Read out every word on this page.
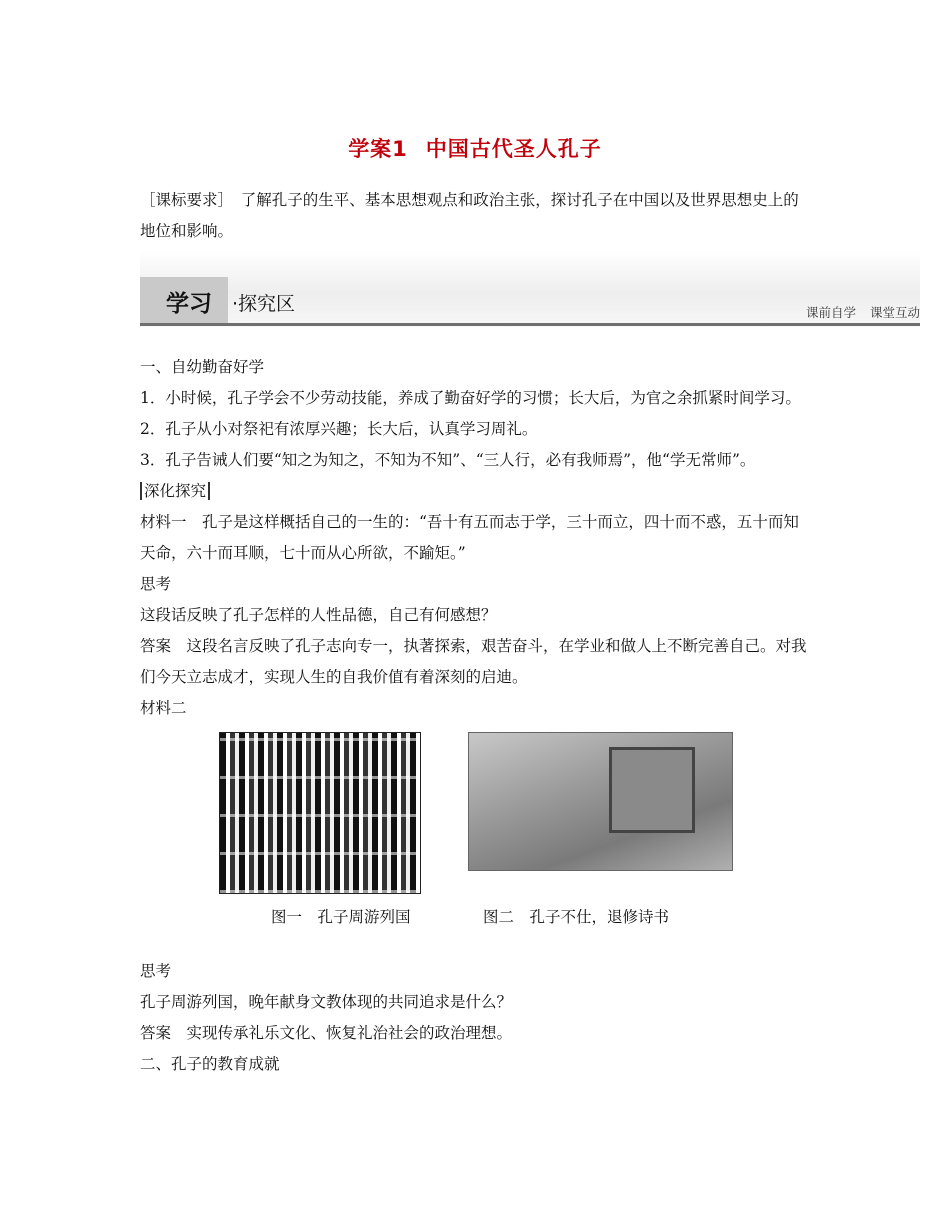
学案1 中国古代圣人孔子
［课标要求］　了解孔子的生平、基本思想观点和政治主张，探讨孔子在中国以及世界思想史上的地位和影响。
学习 ·探究区	课前自学 课堂互动

一、自幼勤奋好学

1．小时候，孔子学会不少劳动技能，养成了勤奋好学的习惯；长大后，为官之余抓紧时间学习。

2．孔子从小对祭祀有浓厚兴趣；长大后，认真学习周礼。

3．孔子告诫人们要“知之为知之，不知为不知”、“三人行，必有我师焉”，他“学无常师”。

深化探究

材料一　孔子是这样概括自己的一生的：“吾十有五而志于学，三十而立，四十而不惑，五十而知天命，六十而耳顺，七十而从心所欲，不踰矩。”

思考

这段话反映了孔子怎样的人性品德，自己有何感想？

答案　这段名言反映了孔子志向专一，执著探索，艰苦奋斗，在学业和做人上不断完善自己。对我们今天立志成才，实现人生的自我价值有着深刻的启迪。

材料二

图一　孔子周游列国	图二　孔子不仕，退修诗书

思考

孔子周游列国，晚年献身文教体现的共同追求是什么？

答案　实现传承礼乐文化、恢复礼治社会的政治理想。

二、孔子的教育成就
